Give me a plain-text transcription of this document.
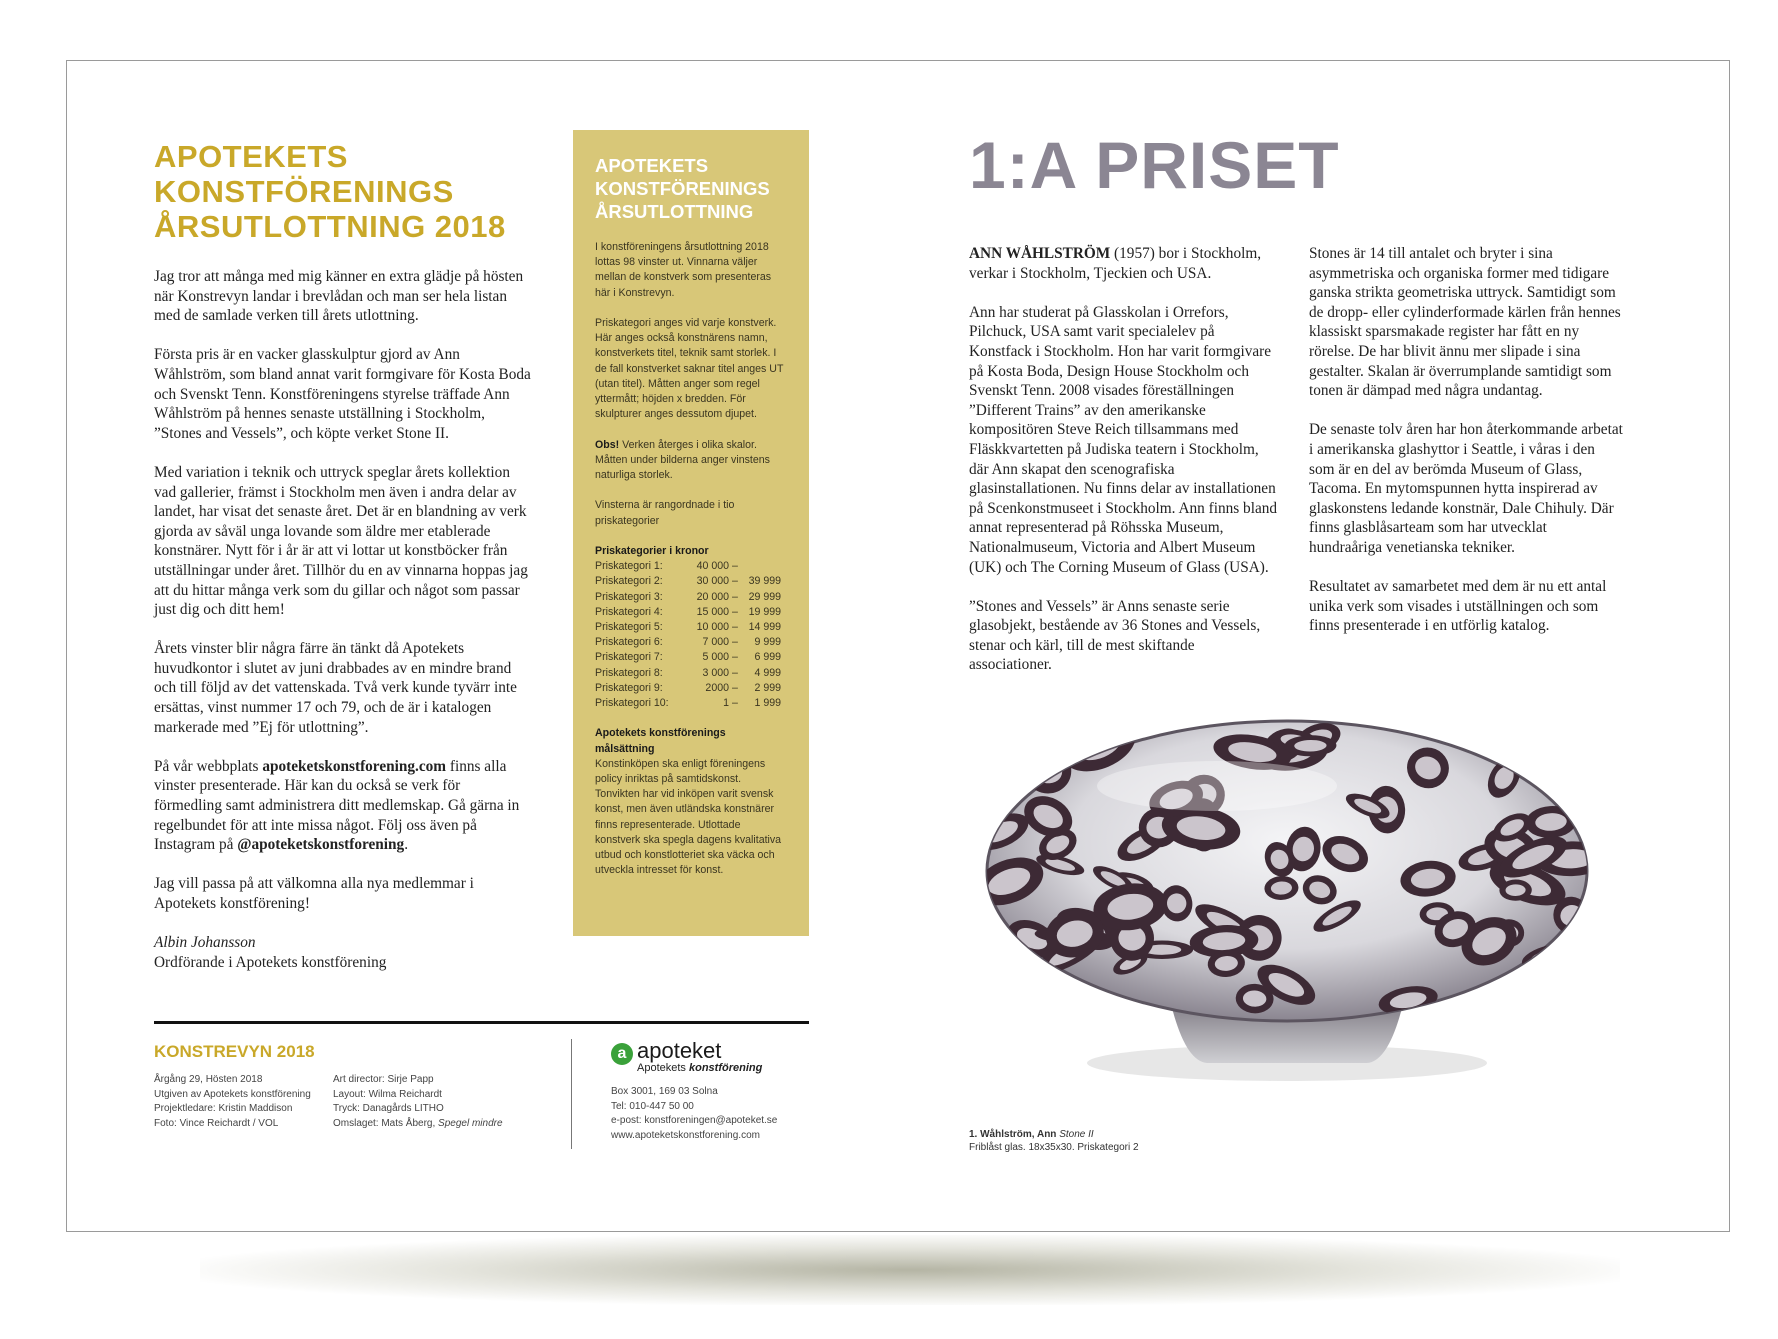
APOTEKETS
KONSTFÖRENINGS
ÅRSUTLOTTNING 2018

Jag tror att många med mig känner en extra glädje på hösten när Konstrevyn landar i brevlådan och man ser hela listan med de samlade verken till årets utlottning.

Första pris är en vacker glasskulptur gjord av Ann Wåhlström, som bland annat varit formgivare för Kosta Boda och Svenskt Tenn. Konstföreningens styrelse träffade Ann Wåhlström på hennes senaste utställning i Stockholm, ”Stones and Vessels”, och köpte verket Stone II.

Med variation i teknik och uttryck speglar årets kollektion vad gallerier, främst i Stockholm men även i andra delar av landet, har visat det senaste året. Det är en blandning av verk gjorda av såväl unga lovande som äldre mer etablerade konstnärer. Nytt för i år är att vi lottar ut konstböcker från utställningar under året. Tillhör du en av vinnarna hoppas jag att du hittar många verk som du gillar och något som passar just dig och ditt hem!

Årets vinster blir några färre än tänkt då Apotekets huvudkontor i slutet av juni drabbades av en mindre brand och till följd av det vattenskada. Två verk kunde tyvärr inte ersättas, vinst nummer 17 och 79, och de är i katalogen markerade med ”Ej för utlottning”.

På vår webbplats apoteketskonstforening.com finns alla vinster presenterade. Här kan du också se verk för förmedling samt administrera ditt medlemskap. Gå gärna in regelbundet för att inte missa något. Följ oss även på Instagram på @apoteketskonstforening.

Jag vill passa på att välkomna alla nya medlemmar i Apotekets konstförening!

Albin Johansson
Ordförande i Apotekets konstförening
APOTEKETS
KONSTFÖRENINGS
ÅRSUTLOTTNING

I konstföreningens årsutlottning 2018 lottas 98 vinster ut. Vinnarna väljer mellan de konstverk som presenteras här i Konstrevyn.

Priskategori anges vid varje konstverk. Här anges också konstnärens namn, konstverkets titel, teknik samt storlek. I de fall konstverket saknar titel anges UT (utan titel). Måtten anger som regel yttermått; höjden x bredden. För skulpturer anges dessutom djupet.

Obs! Verken återges i olika skalor. Måtten under bilderna anger vinstens naturliga storlek.

Vinsterna är rangordnade i tio priskategorier

Priskategorier i kronor
Priskategori 1:	40 000 –
Priskategori 2:	30 000 –	39 999
Priskategori 3:	20 000 –	29 999
Priskategori 4:	15 000 –	19 999
Priskategori 5:	10 000 –	14 999
Priskategori 6:	7 000 –	9 999
Priskategori 7:	5 000 –	6 999
Priskategori 8:	3 000 –	4 999
Priskategori 9:	2000 –	2 999
Priskategori 10:	1 –	1 999
Apotekets konstförenings målsättning
Konstinköpen ska enligt föreningens policy inriktas på samtidskonst. Tonvikten har vid inköpen varit svensk konst, men även utländska konstnärer finns representerade. Utlottade konstverk ska spegla dagens kvalitativa utbud och konstlotteriet ska väcka och utveckla intresset för konst.
KONSTREVYN 2018
Årgång 29, Hösten 2018
Utgiven av Apotekets konstförening
Projektledare: Kristin Maddison
Foto: Vince Reichardt / VOL
Art director: Sirje Papp
Layout: Wilma Reichardt
Tryck: Danagårds LITHO
Omslaget: Mats Åberg, Spegel mindre
a apoteket
Apotekets konstförening
Box 3001, 169 03 Solna
Tel: 010-447 50 00
e-post: konstforeningen@apoteket.se
www.apoteketskonstforening.com
1:A PRISET

ANN WÅHLSTRÖM (1957) bor i Stockholm, verkar i Stockholm, Tjeckien och USA.

Ann har studerat på Glasskolan i Orrefors, Pilchuck, USA samt varit specialelev på Konstfack i Stockholm. Hon har varit formgivare på Kosta Boda, Design House Stockholm och Svenskt Tenn. 2008 visades föreställningen ”Different Trains” av den amerikanske kompositören Steve Reich tillsammans med Fläskkvartetten på Judiska teatern i Stockholm, där Ann skapat den scenografiska glasinstallationen. Nu finns delar av installationen på Scenkonstmuseet i Stockholm. Ann finns bland annat representerad på Röhsska Museum, Nationalmuseum, Victoria and Albert Museum (UK) och The Corning Museum of Glass (USA).

”Stones and Vessels” är Anns senaste serie glasobjekt, bestående av 36 Stones and Vessels, stenar och kärl, till de mest skiftande associationer.

Stones är 14 till antalet och bryter i sina asymmetriska och organiska former med tidigare ganska strikta geometriska uttryck. Samtidigt som de dropp- eller cylinderformade kärlen från hennes klassiskt sparsmakade register har fått en ny rörelse. De har blivit ännu mer slipade i sina gestalter. Skalan är överrumplande samtidigt som tonen är dämpad med några undantag.

De senaste tolv åren har hon återkommande arbetat i amerikanska glashyttor i Seattle, i våras i den som är en del av berömda Museum of Glass, Tacoma. En mytomspunnen hytta inspirerad av glaskonstens ledande konstnär, Dale Chihuly. Där finns glasblåsarteam som har utvecklat hundraåriga venetianska tekniker.

Resultatet av samarbetet med dem är nu ett antal unika verk som visades i utställningen och som finns presenterade i en utförlig katalog.

1. Wåhlström, Ann Stone II
Friblåst glas. 18x35x30. Priskategori 2
